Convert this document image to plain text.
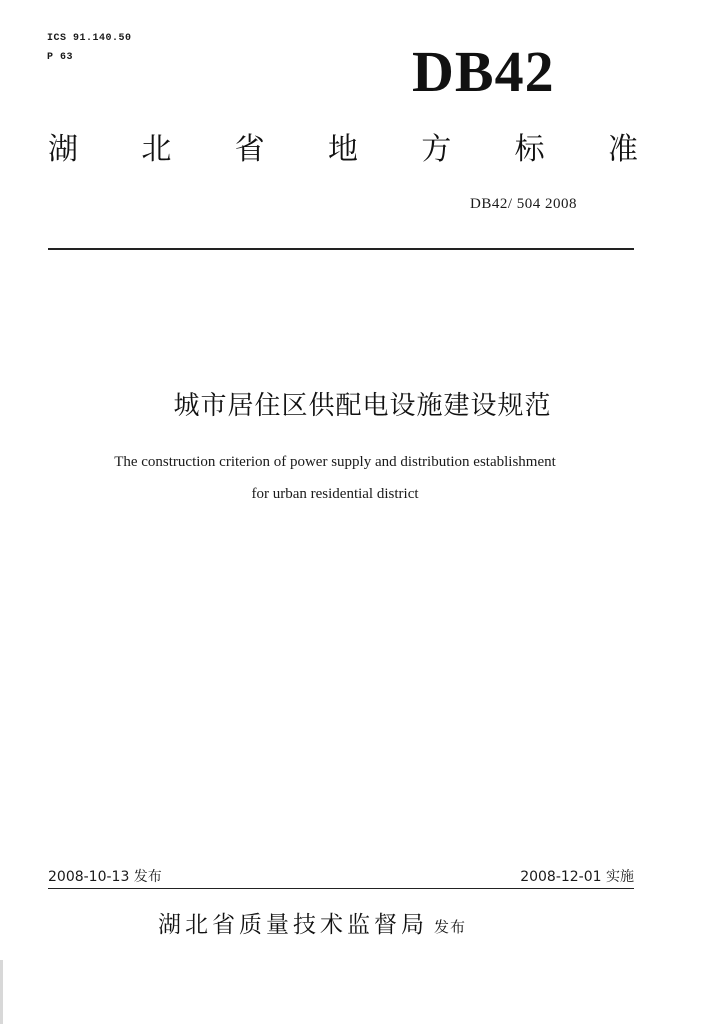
ICS 91.140.50
P 63	DB42
湖 北 省 地 方 标 准
DB42/ 504 2008
城市居住区供配电设施建设规范
The construction criterion of power supply and distribution establishment
for urban residential district
2008-10-13 发布	2008-12-01 实施
湖北省质量技术监督局 发布
